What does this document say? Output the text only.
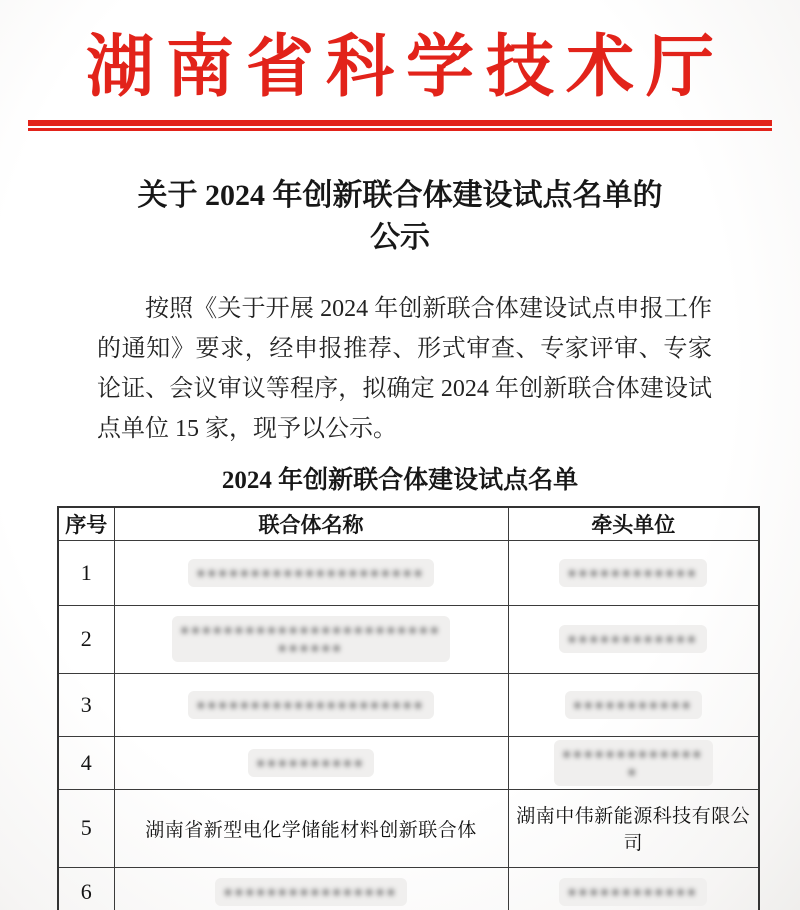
湖南省科学技术厅
关于 2024 年创新联合体建设试点名单的
公示
按照《关于开展 2024 年创新联合体建设试点申报工作的通知》要求，经申报推荐、形式审查、专家评审、专家论证、会议审议等程序，拟确定 2024 年创新联合体建设试点单位 15 家，现予以公示。
2024 年创新联合体建设试点名单
序号	联合体名称	牵头单位
1	●●●●●●●●●●●●●●●●●●●●●	●●●●●●●●●●●●

2	●●●●●●●●●●●●●●●●●●●●●●●●
●●●●●●	●●●●●●●●●●●●

3	●●●●●●●●●●●●●●●●●●●●●	●●●●●●●●●●●

4	●●●●●●●●●●	●●●●●●●●●●●●●
●

5	湖南省新型电化学储能材料创新联合体	湖南中伟新能源科技有限公司

6	●●●●●●●●●●●●●●●●	●●●●●●●●●●●●
